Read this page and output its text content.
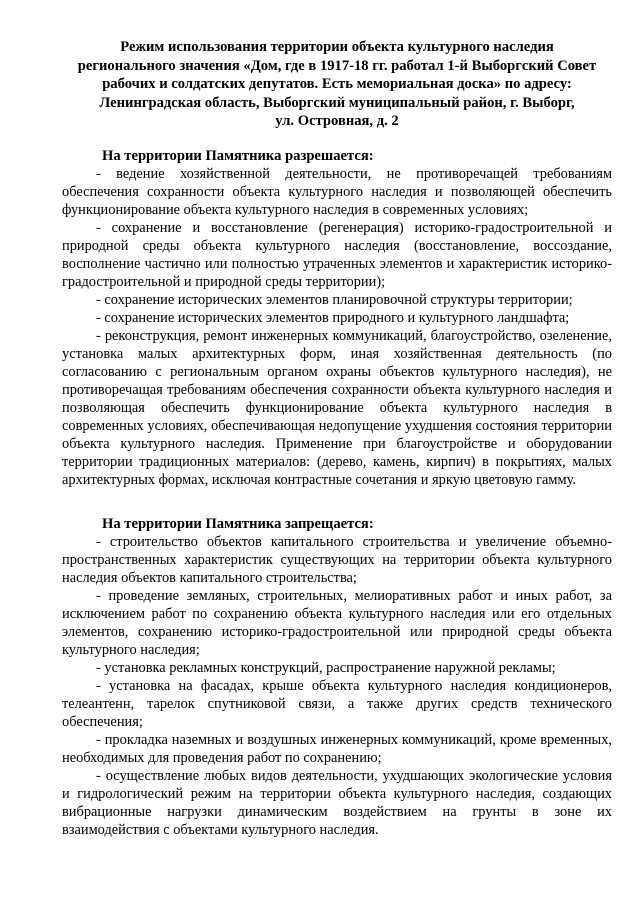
Режим использования территории объекта культурного наследия
регионального значения «Дом, где в 1917-18 гг. работал 1-й Выборгский Совет
рабочих и солдатских депутатов. Есть мемориальная доска» по адресу:
Ленинградская область, Выборгский муниципальный район, г. Выборг,
ул. Островная, д. 2

На территории Памятника разрешается:

- ведение хозяйственной деятельности, не противоречащей требованиям обеспечения сохранности объекта культурного наследия и позволяющей обеспечить функционирование объекта культурного наследия в современных условиях;

- сохранение и восстановление (регенерация) историко-градостроительной и природной среды объекта культурного наследия (восстановление, воссоздание, восполнение частично или полностью утраченных элементов и характеристик историко-градостроительной и природной среды территории);

- сохранение исторических элементов планировочной структуры территории;

- сохранение исторических элементов природного и культурного ландшафта;

- реконструкция, ремонт инженерных коммуникаций, благоустройство, озеленение, установка малых архитектурных форм, иная хозяйственная деятельность (по согласованию с региональным органом охраны объектов культурного наследия), не противоречащая требованиям обеспечения сохранности объекта культурного наследия и позволяющая обеспечить функционирование объекта культурного наследия в современных условиях, обеспечивающая недопущение ухудшения состояния территории объекта культурного наследия. Применение при благоустройстве и оборудовании территории традиционных материалов: (дерево, камень, кирпич) в покрытиях, малых архитектурных формах, исключая контрастные сочетания и яркую цветовую гамму.

На территории Памятника запрещается:

- строительство объектов капитального строительства и увеличение объемно-пространственных характеристик существующих на территории объекта культурного наследия объектов капитального строительства;

- проведение земляных, строительных, мелиоративных работ и иных работ, за исключением работ по сохранению объекта культурного наследия или его отдельных элементов, сохранению историко-градостроительной или природной среды объекта культурного наследия;

- установка рекламных конструкций, распространение наружной рекламы;

- установка на фасадах, крыше объекта культурного наследия кондиционеров, телеантенн, тарелок спутниковой связи, а также других средств технического обеспечения;

- прокладка наземных и воздушных инженерных коммуникаций, кроме временных, необходимых для проведения работ по сохранению;

- осуществление любых видов деятельности, ухудшающих экологические условия и гидрологический режим на территории объекта культурного наследия, создающих вибрационные нагрузки динамическим воздействием на грунты в зоне их взаимодействия с объектами культурного наследия.
